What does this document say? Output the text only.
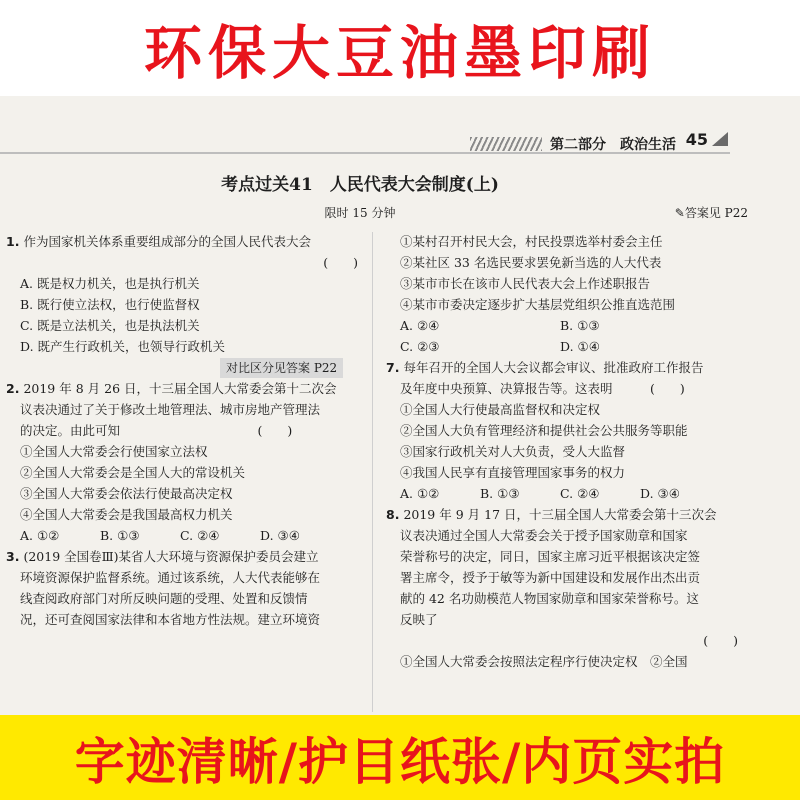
环保大豆油墨印刷
第二部分　政治生活 45
考点过关41　人民代表大会制度(上)
限时 15 分钟	✎答案见 P22
1. 作为国家机关体系重要组成部分的全国人民代表大会
(　　)
A. 既是权力机关，也是执行机关
B. 既行使立法权，也行使监督权
C. 既是立法机关，也是执法机关
D. 既产生行政机关，也领导行政机关
对比区分见答案 P22
2. 2019 年 8 月 26 日，十三届全国人大常委会第十二次会
议表决通过了关于修改土地管理法、城市房地产管理法
的决定。由此可知　　　　　　　　　　　(　　)
①全国人大常委会行使国家立法权
②全国人大常委会是全国人大的常设机关
③全国人大常委会依法行使最高决定权
④全国人大常委会是我国最高权力机关
A. ①②	B. ①③	C. ②④	D. ③④
3. (2019 全国卷Ⅲ)某省人大环境与资源保护委员会建立
环境资源保护监督系统。通过该系统，人大代表能够在
线查阅政府部门对所反映问题的受理、处置和反馈情
况，还可查阅国家法律和本省地方性法规。建立环境资
①某村召开村民大会，村民投票选举村委会主任
②某社区 33 名选民要求罢免新当选的人大代表
③某市市长在该市人民代表大会上作述职报告
④某市市委决定逐步扩大基层党组织公推直选范围
A. ②④	B. ①③
C. ②③	D. ①④
7. 每年召开的全国人大会议都会审议、批准政府工作报告
及年度中央预算、决算报告等。这表明　　　(　　)
①全国人大行使最高监督权和决定权
②全国人大负有管理经济和提供社会公共服务等职能
③国家行政机关对人大负责，受人大监督
④我国人民享有直接管理国家事务的权力
A. ①②	B. ①③	C. ②④	D. ③④
8. 2019 年 9 月 17 日，十三届全国人大常委会第十三次会
议表决通过全国人大常委会关于授予国家勋章和国家
荣誉称号的决定，同日，国家主席习近平根据该决定签
署主席令，授予于敏等为新中国建设和发展作出杰出贡
献的 42 名功勋模范人物国家勋章和国家荣誉称号。这
反映了
(　　)
①全国人大常委会按照法定程序行使决定权　②全国
字迹清晰/护目纸张/内页实拍
